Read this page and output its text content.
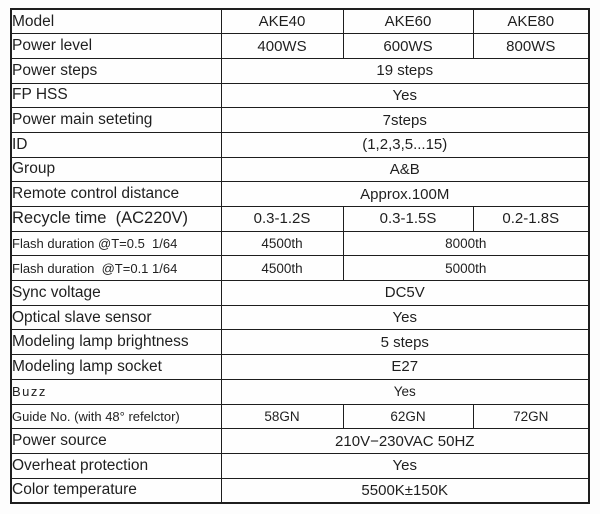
Model	AKE40	AKE60	AKE80
Power level	400WS	600WS	800WS
Power steps	19 steps		
FP HSS	Yes		
Power main seteting	7steps		
ID	(1,2,3,5...15)		
Group	A&B		
Remote control distance	Approx.100M		
Recycle time  (AC220V)	0.3-1.2S	0.3-1.5S	0.2-1.8S
Flash duration @T=0.5  1/64	4500th	8000th	
Flash duration  @T=0.1 1/64	4500th	5000th	
Sync voltage	DC5V		
Optical slave sensor	Yes		
Modeling lamp brightness	5 steps		
Modeling lamp socket	E27		
Buzz	Yes		
Guide No. (with 48° refelctor)	58GN	62GN	72GN
Power source	210V−230VAC 50HZ		
Overheat protection	Yes		
Color temperature	5500K±150K		
